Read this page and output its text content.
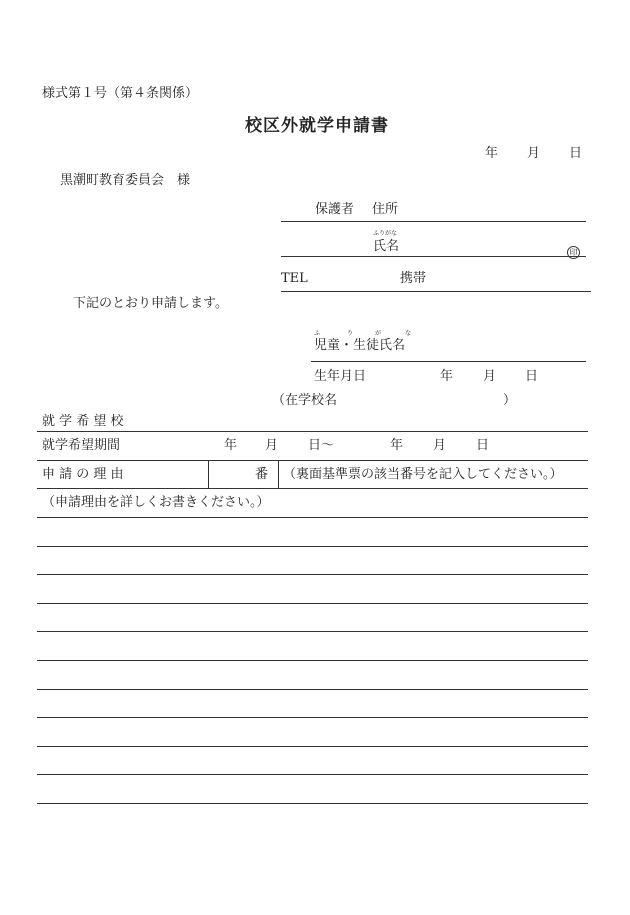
様式第１号（第４条関係）
校区外就学申請書
年 月 日
黒潮町教育委員会　様
保護者 住所
ふりがな
氏名	印
TEL	携帯
下記のとおり申請します。
ふ	り	が	な
児童・生徒氏名
生年月日	年 月 日
（在学校名	）
就 学 希 望 校
就学希望期間	年 月 日～	年 月 日
申 請 の 理 由	番 （裏面基準票の該当番号を記入してください。）
（申請理由を詳しくお書きください。）
